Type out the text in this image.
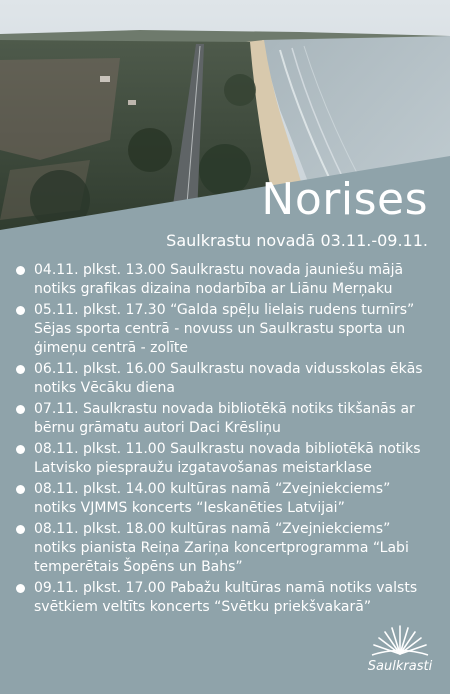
Norises

Saulkrastu novadā 03.11.-09.11.

04.11. plkst. 13.00 Saulkrastu novada jauniešu mājā notiks grafikas dizaina nodarbība ar Liānu Merņaku
05.11. plkst. 17.30 “Galda spēļu lielais rudens turnīrs” Sējas sporta centrā - novuss un Saulkrastu sporta un ģimeņu centrā - zolīte
06.11. plkst. 16.00 Saulkrastu novada vidusskolas ēkās notiks Vēcāku diena
07.11. Saulkrastu novada bibliotēkā notiks tikšanās ar bērnu grāmatu autori Daci Krēsliņu
08.11. plkst. 11.00 Saulkrastu novada bibliotēkā notiks Latvisko piespraužu izgatavošanas meistarklase
08.11. plkst. 14.00 kultūras namā “Zvejniekciems” notiks VJMMS koncerts “Ieskanēties Latvijai”
08.11. plkst. 18.00 kultūras namā “Zvejniekciems” notiks pianista Reiņa Zariņa koncertprogramma “Labi temperētais Šopēns un Bahs”
09.11. plkst. 17.00 Pabažu kultūras namā notiks valsts svētkiem veltīts koncerts “Svētku priekšvakarā”
Saulkrasti
